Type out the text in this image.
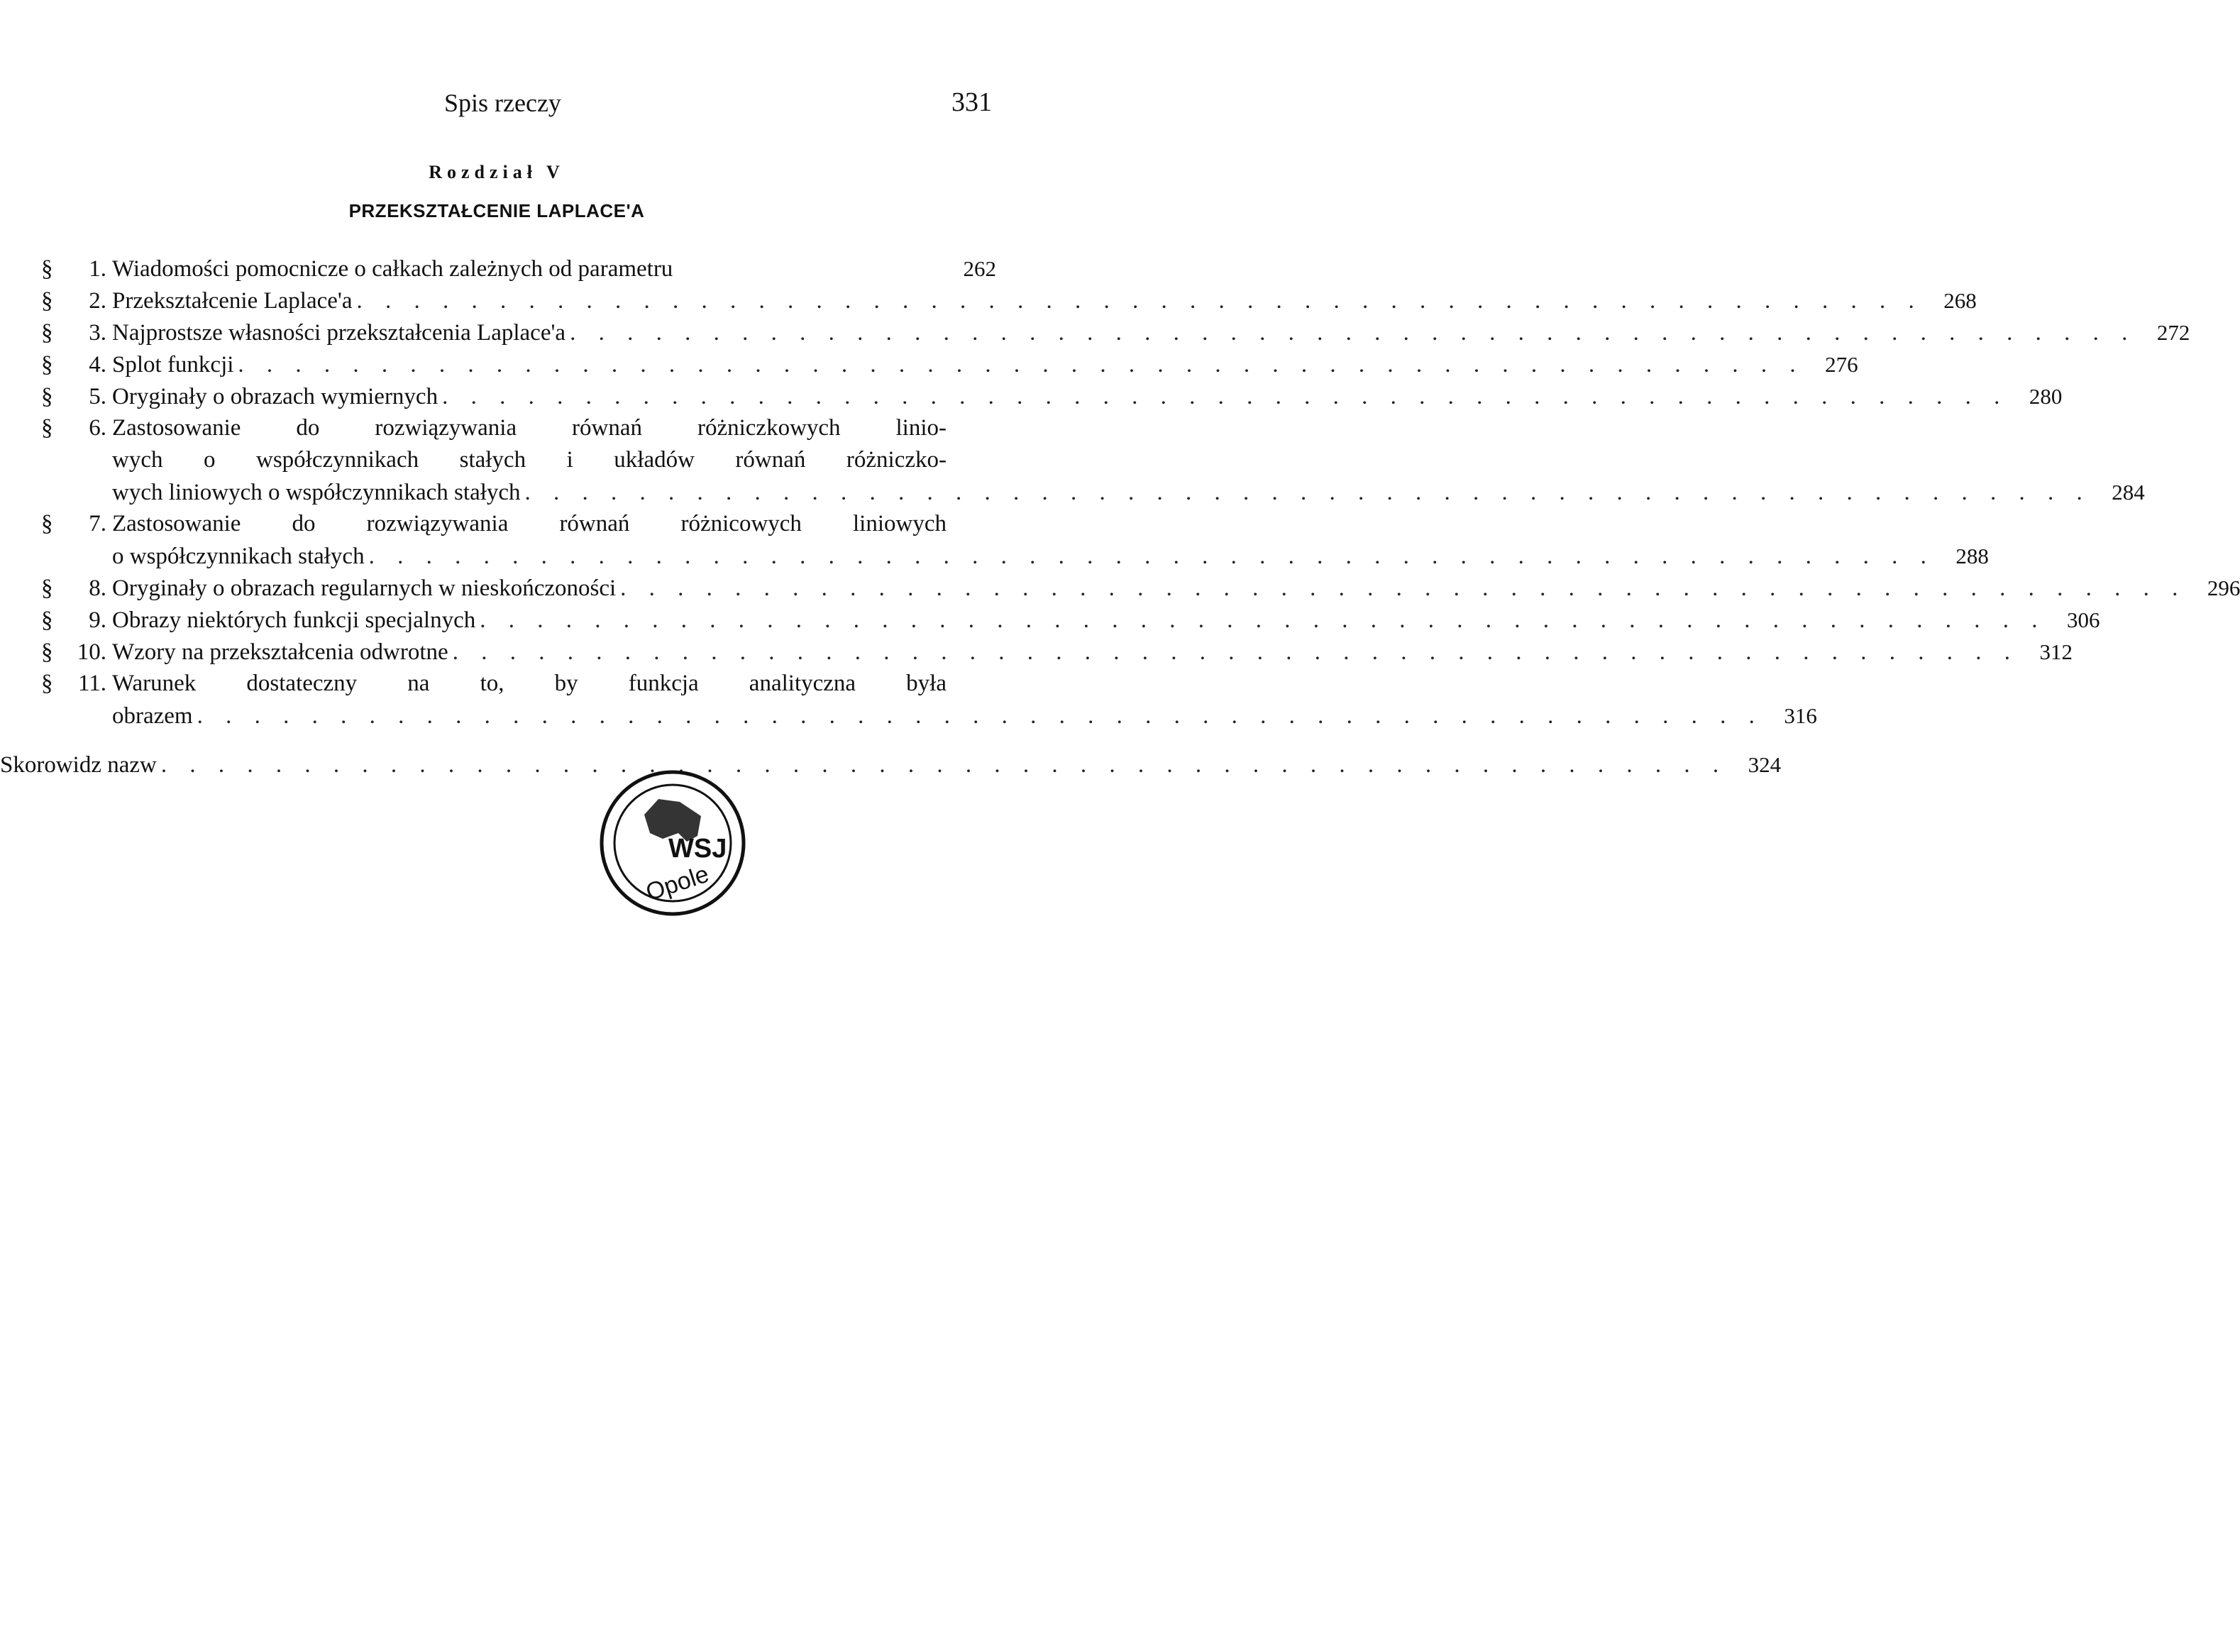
Spis rzeczy	331
Rozdział V
PRZEKSZTAŁCENIE LAPLACE'A
§	1. Wiadomości pomocnicze o całkach zależnych od parametru	262
§	2. Przekształcenie Laplace'a . . . . . . . . . . . . . . . . . . . . . . . . . . . . . . . . . . . . . . . . . . . . . . . . . . . . . . . 268
§	3. Najprostsze własności przekształcenia Laplace'a . . . . . . . . . . . . . . . . . . . . . . . . . . . . . . . . . . . . . . . . . . . . . . . . . . . . . . . 272
§	4. Splot funkcji . . . . . . . . . . . . . . . . . . . . . . . . . . . . . . . . . . . . . . . . . . . . . . . . . . . . . . . 276
§	5. Oryginały o obrazach wymiernych . . . . . . . . . . . . . . . . . . . . . . . . . . . . . . . . . . . . . . . . . . . . . . . . . . . . . . . 280
§	6. Zastosowanie do rozwiązywania równań różniczkowych linio-
wych o współczynnikach stałych i układów równań różniczko-
wych liniowych o współczynnikach stałych . . . . . . . . . . . . . . . . . . . . . . . . . . . . . . . . . . . . . . . . . . . . . . . . . . . . . . . 284
§	7. Zastosowanie do rozwiązywania równań różnicowych liniowych
o współczynnikach stałych . . . . . . . . . . . . . . . . . . . . . . . . . . . . . . . . . . . . . . . . . . . . . . . . . . . . . . . 288
§	8. Oryginały o obrazach regularnych w nieskończoności . . . . . . . . . . . . . . . . . . . . . . . . . . . . . . . . . . . . . . . . . . . . . . . . . . . . . . . 296
§	9. Obrazy niektórych funkcji specjalnych . . . . . . . . . . . . . . . . . . . . . . . . . . . . . . . . . . . . . . . . . . . . . . . . . . . . . . . 306
§	10. Wzory na przekształcenia odwrotne . . . . . . . . . . . . . . . . . . . . . . . . . . . . . . . . . . . . . . . . . . . . . . . . . . . . . . . 312
§	11. Warunek dostateczny na to, by funkcja analityczna była
obrazem . . . . . . . . . . . . . . . . . . . . . . . . . . . . . . . . . . . . . . . . . . . . . . . . . . . . . . . 316
Skorowidz nazw . . . . . . . . . . . . . . . . . . . . . . . . . . . . . . . . . . . . . . . . . . . . . . . . . . . . . . . 324
WSJ
Opole
